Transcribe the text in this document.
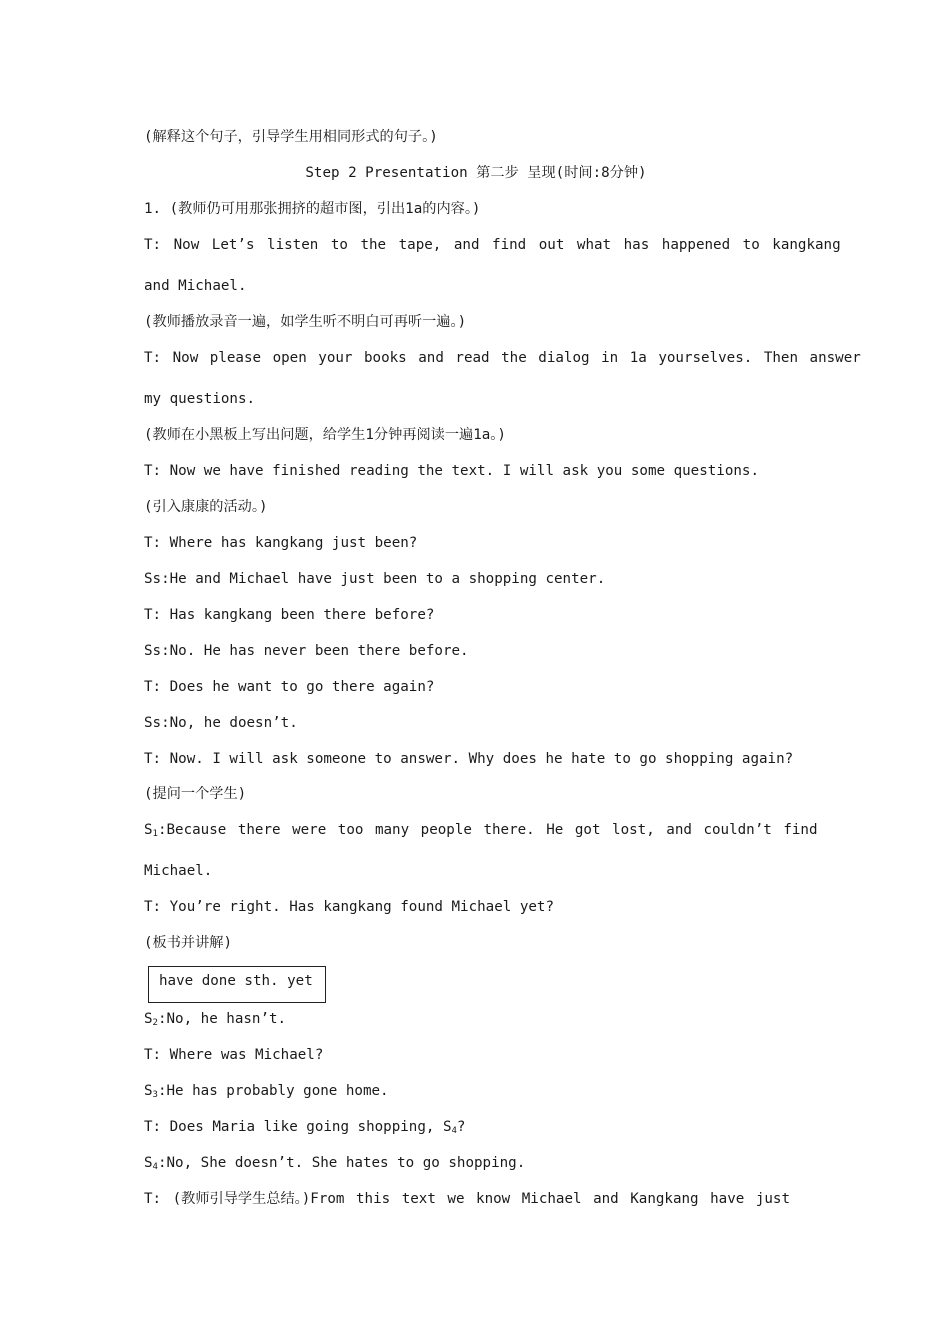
(解释这个句子，引导学生用相同形式的句子。)
Step 2 Presentation 第二步 呈现(时间:8分钟)
1. (教师仍可用那张拥挤的超市图，引出1a的内容。)
T: Now Let’s listen to the tape, and find out what has happened to kangkang
and Michael.
(教师播放录音一遍，如学生听不明白可再听一遍。)
T: Now please open your books and read the dialog in 1a yourselves. Then answer
my questions.
(教师在小黑板上写出问题，给学生1分钟再阅读一遍1a。)
T: Now we have finished reading the text. I will ask you some questions.
(引入康康的活动。)
T: Where has kangkang just been?
Ss:He and Michael have just been to a shopping center.
T: Has kangkang been there before?
Ss:No. He has never been there before.
T: Does he want to go there again?
Ss:No, he doesn’t.
T: Now. I will ask someone to answer. Why does he hate to go shopping again?
(提问一个学生)
$S_1:Because$ there were too many people there. He got lost, and couldn’t find
Michael.
T: You’re right. Has kangkang found Michael yet?
(板书并讲解)
have done sth. yet
$S_2:No$, he hasn’t.
T: Where was Michael?
$S_3:He$ has probably gone home.
T: Does Maria like going shopping, $S_4$?
$S_4:No$, She doesn’t. She hates to go shopping.
T: (教师引导学生总结。)From this text we know Michael and Kangkang have just
